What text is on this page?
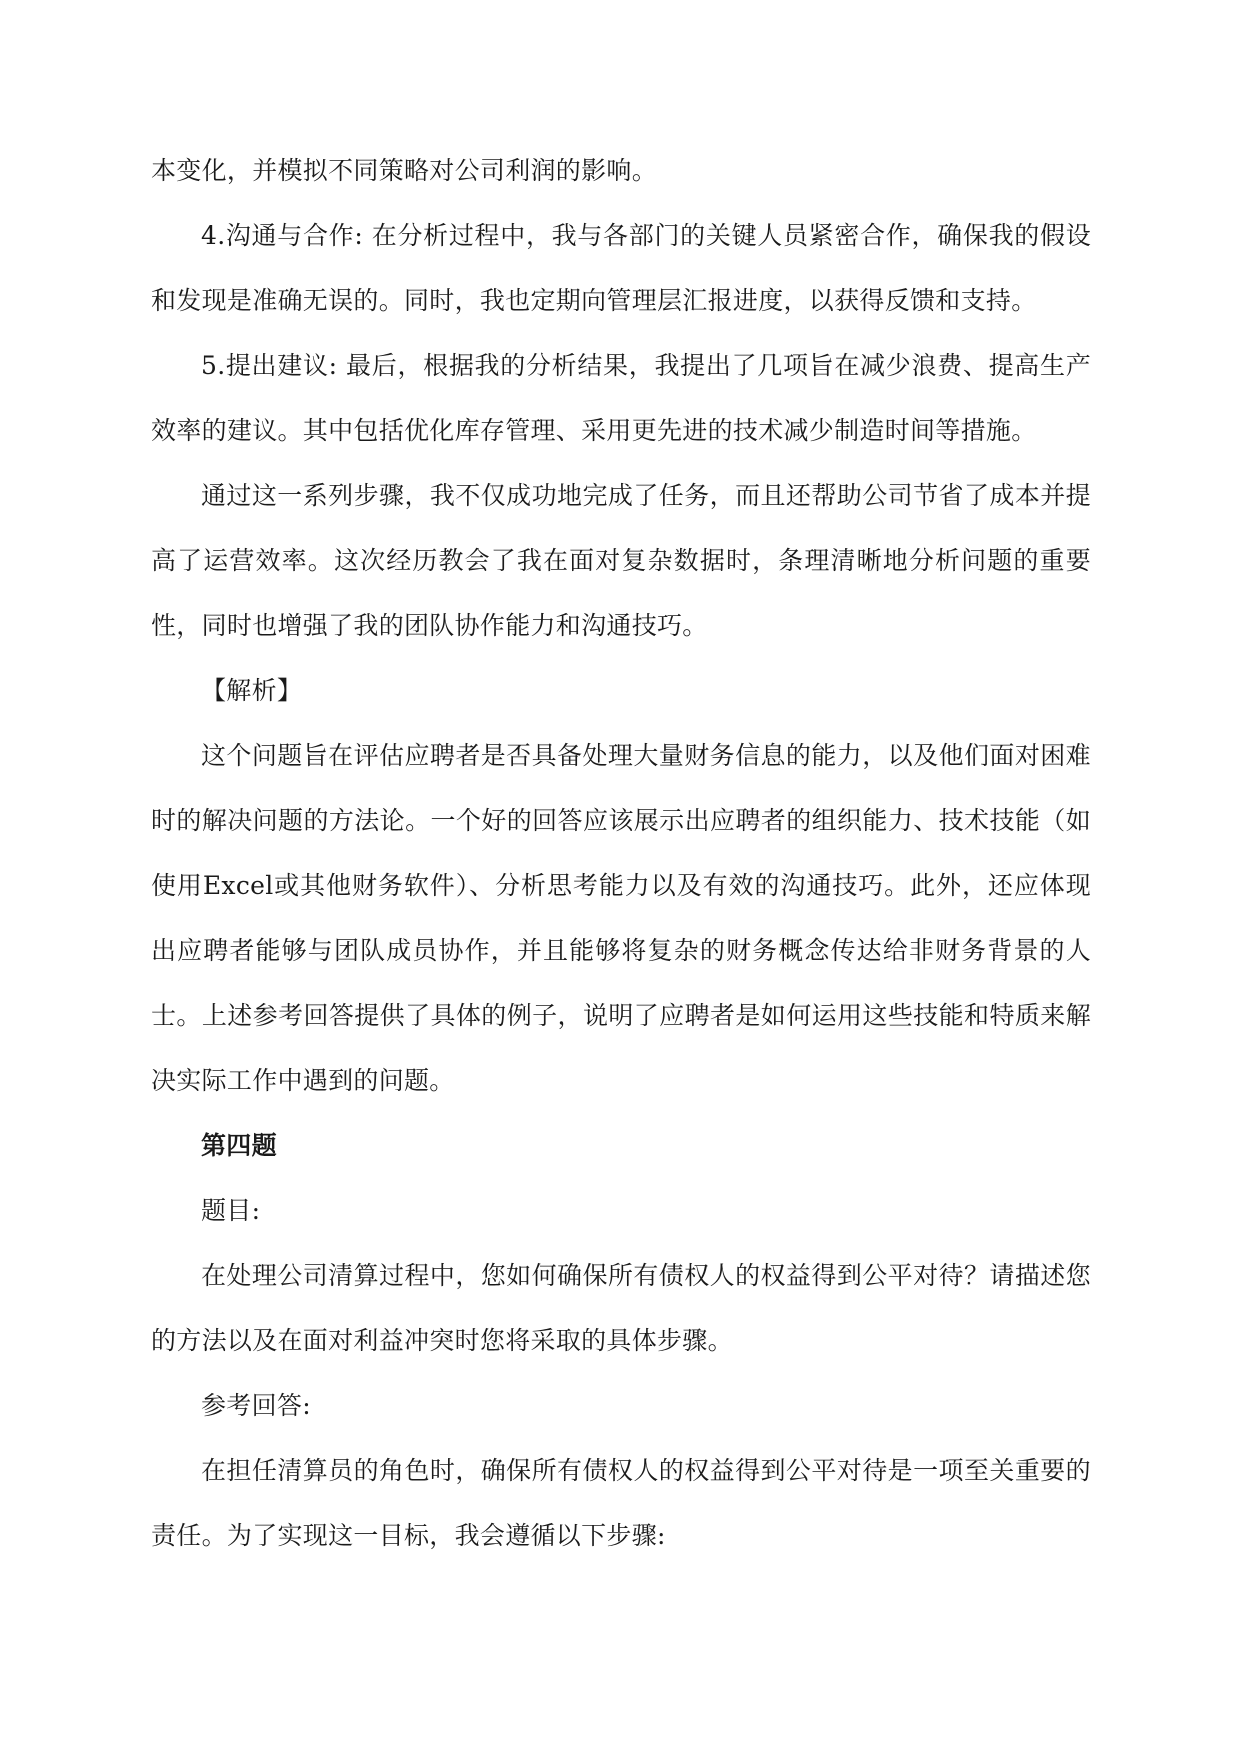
本变化，并模拟不同策略对公司利润的影响。

4.沟通与合作: 在分析过程中，我与各部门的关键人员紧密合作，确保我的假设和发现是准确无误的。同时，我也定期向管理层汇报进度，以获得反馈和支持。

5.提出建议: 最后，根据我的分析结果，我提出了几项旨在减少浪费、提高生产效率的建议。其中包括优化库存管理、采用更先进的技术减少制造时间等措施。

通过这一系列步骤，我不仅成功地完成了任务，而且还帮助公司节省了成本并提高了运营效率。这次经历教会了我在面对复杂数据时，条理清晰地分析问题的重要性，同时也增强了我的团队协作能力和沟通技巧。

【解析】

这个问题旨在评估应聘者是否具备处理大量财务信息的能力，以及他们面对困难时的解决问题的方法论。一个好的回答应该展示出应聘者的组织能力、技术技能（如使用Excel或其他财务软件）、分析思考能力以及有效的沟通技巧。此外，还应体现出应聘者能够与团队成员协作，并且能够将复杂的财务概念传达给非财务背景的人士。上述参考回答提供了具体的例子，说明了应聘者是如何运用这些技能和特质来解决实际工作中遇到的问题。

第四题

题目:

在处理公司清算过程中，您如何确保所有债权人的权益得到公平对待？请描述您的方法以及在面对利益冲突时您将采取的具体步骤。

参考回答:

在担任清算员的角色时，确保所有债权人的权益得到公平对待是一项至关重要的责任。为了实现这一目标，我会遵循以下步骤:
